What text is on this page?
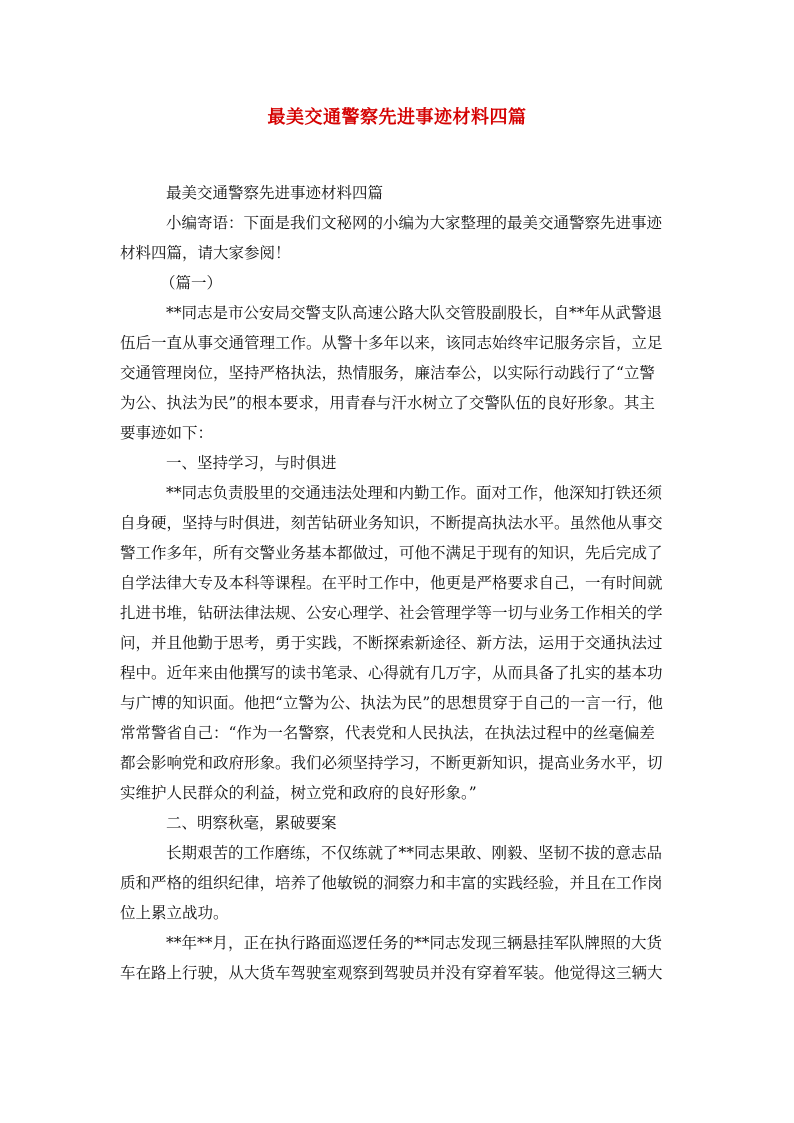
最美交通警察先进事迹材料四篇
最美交通警察先进事迹材料四篇
小编寄语：下面是我们文秘网的小编为大家整理的最美交通警察先进事迹
材料四篇，请大家参阅！
（篇一）
**同志是市公安局交警支队高速公路大队交管股副股长，自**年从武警退
伍后一直从事交通管理工作。从警十多年以来，该同志始终牢记服务宗旨，立足
交通管理岗位，坚持严格执法，热情服务，廉洁奉公，以实际行动践行了“立警
为公、执法为民”的根本要求，用青春与汗水树立了交警队伍的良好形象。其主
要事迹如下：
一、坚持学习，与时俱进
**同志负责股里的交通违法处理和内勤工作。面对工作，他深知打铁还须
自身硬，坚持与时俱进，刻苦钻研业务知识，不断提高执法水平。虽然他从事交
警工作多年，所有交警业务基本都做过，可他不满足于现有的知识，先后完成了
自学法律大专及本科等课程。在平时工作中，他更是严格要求自己，一有时间就
扎进书堆，钻研法律法规、公安心理学、社会管理学等一切与业务工作相关的学
问，并且他勤于思考，勇于实践，不断探索新途径、新方法，运用于交通执法过
程中。近年来由他撰写的读书笔录、心得就有几万字，从而具备了扎实的基本功
与广博的知识面。他把“立警为公、执法为民”的思想贯穿于自己的一言一行，他
常常警省自己：“作为一名警察，代表党和人民执法，在执法过程中的丝毫偏差
都会影响党和政府形象。我们必须坚持学习，不断更新知识，提高业务水平，切
实维护人民群众的利益，树立党和政府的良好形象。”
二、明察秋毫，累破要案
长期艰苦的工作磨练，不仅练就了**同志果敢、刚毅、坚韧不拔的意志品
质和严格的组织纪律，培养了他敏锐的洞察力和丰富的实践经验，并且在工作岗
位上累立战功。
**年**月，正在执行路面巡逻任务的**同志发现三辆悬挂军队牌照的大货
车在路上行驶，从大货车驾驶室观察到驾驶员并没有穿着军装。他觉得这三辆大
